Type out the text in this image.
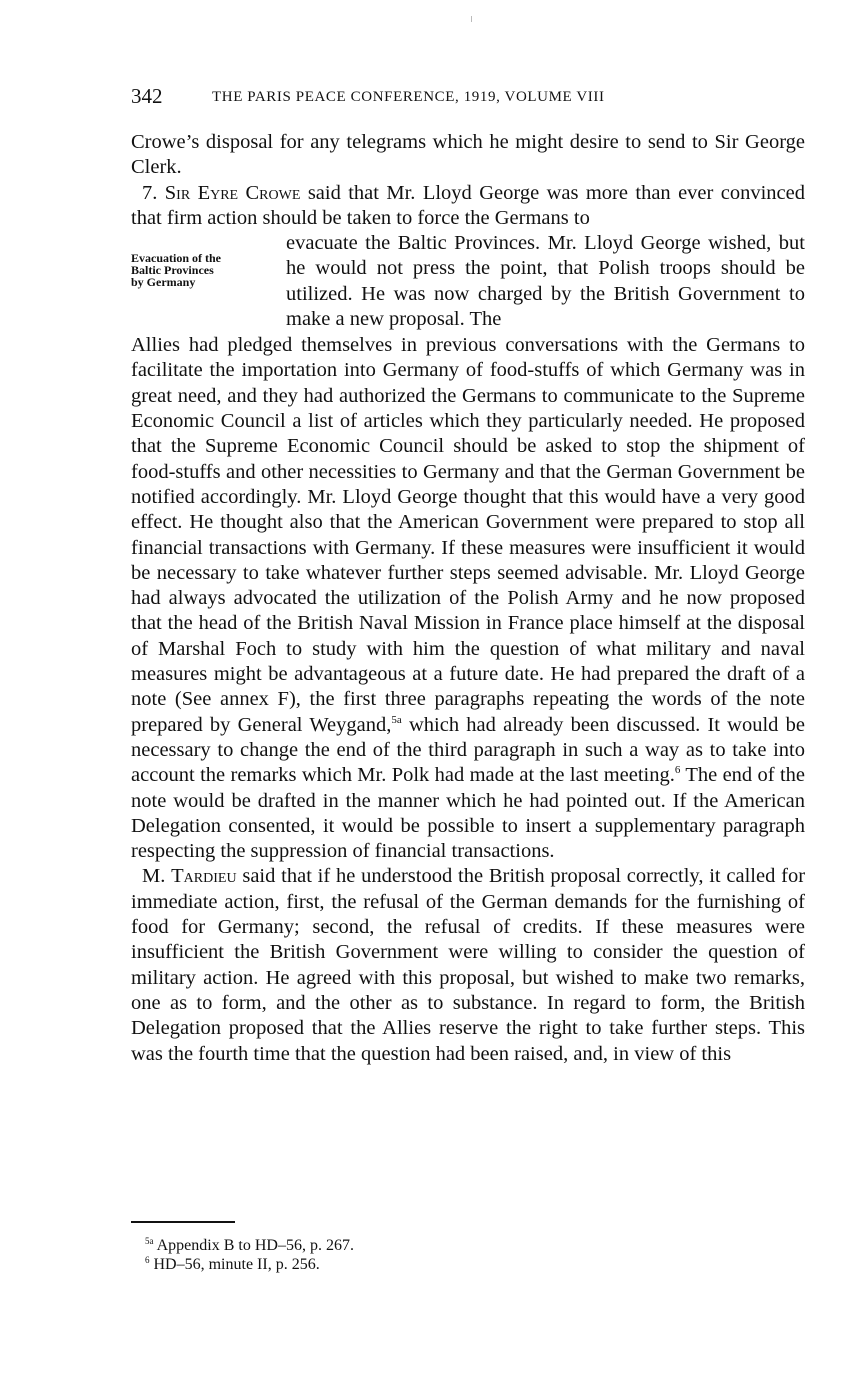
342	THE PARIS PEACE CONFERENCE, 1919, VOLUME VIII

Crowe’s disposal for any telegrams which he might desire to send to Sir George Clerk.

7. Sir Eyre Crowe said that Mr. Lloyd George was more than ever convinced that firm action should be taken to force the Germans to

Evacuation of the
Baltic Provinces
by Germany

evacuate the Baltic Provinces. Mr. Lloyd George wished, but he would not press the point, that Polish troops should be utilized. He was now charged by the British Government to make a new proposal. The

Allies had pledged themselves in previous conversations with the Germans to facilitate the importation into Germany of food-stuffs of which Germany was in great need, and they had authorized the Germans to communicate to the Supreme Economic Council a list of articles which they particularly needed. He proposed that the Supreme Economic Council should be asked to stop the shipment of food-stuffs and other necessities to Germany and that the German Government be notified accordingly. Mr. Lloyd George thought that this would have a very good effect. He thought also that the American Government were prepared to stop all financial transactions with Germany. If these measures were insufficient it would be necessary to take whatever further steps seemed advisable. Mr. Lloyd George had always advocated the utilization of the Polish Army and he now proposed that the head of the British Naval Mission in France place himself at the disposal of Marshal Foch to study with him the question of what military and naval measures might be advantageous at a future date. He had prepared the draft of a note (See annex F), the first three paragraphs repeating the words of the note prepared by General Weygand,$^{5a}$ which had already been discussed. It would be necessary to change the end of the third paragraph in such a way as to take into account the remarks which Mr. Polk had made at the last meeting.$^6$ The end of the note would be drafted in the manner which he had pointed out. If the American Delegation consented, it would be possible to insert a supplementary paragraph respecting the suppression of financial transactions.

M. Tardieu said that if he understood the British proposal correctly, it called for immediate action, first, the refusal of the German demands for the furnishing of food for Germany; second, the refusal of credits. If these measures were insufficient the British Government were willing to consider the question of military action. He agreed with this proposal, but wished to make two remarks, one as to form, and the other as to substance. In regard to form, the British Delegation proposed that the Allies reserve the right to take further steps. This was the fourth time that the question had been raised, and, in view of this

$^{5a}$ Appendix B to HD–56, p. 267.
$^6$ HD–56, minute II, p. 256.
